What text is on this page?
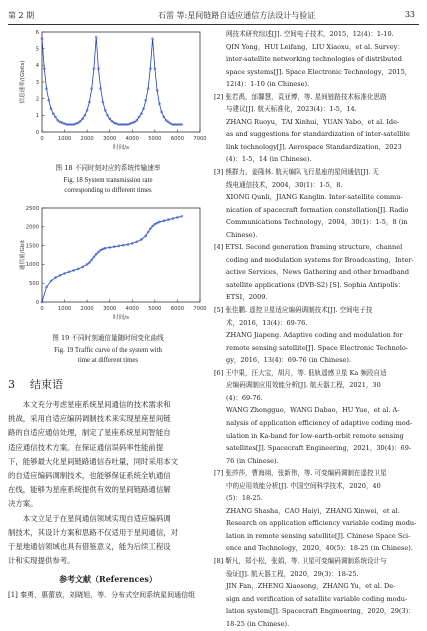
第 2 期	石雷 等:星间链路自适应通信方法设计与验证	33
0	1000 2000 3000 4000 5000 6000 7000
0
1
2
3
4
5
6
时间/s
信息速率/(Gbits)
图 18 不同时刻对应的系统传输速率
Fig. 18 System transmission rate
corresponding to different times
0	1000 2000 3000 4000 5000 6000 7000
0
500
1000
1500
2000
2500
时间/s
通信量/Gbit
图 19 不同时刻通信量随时间变化曲线
Fig. 19 Traffic curve of the system with
time at different times
3 结束语
本文充分考虑星座系统星间通信的技术需求和
挑战，采用自适应编码调制技术来实现星座星间链
路的自适应通信处理，制定了星座系统星间智能自
适应通信技术方案。在保证通信误码率性能前提
下，能够最大化星间链路通信吞吐量，同时采用本文
的自适应编码调制技术，也能够保证系统全轨通信
在线，能够为星座系统提供有效的星间链路通信解
决方案。
本文立足于在星间通信领域实现自适应编码调
制技术，其设计方案和思路不仅适用于星间通信，对
于星地通信领域也具有借鉴意义，能为后续工程设
计和实现提供参考。
参考文献（References）
[1] 秦勇，惠蕾放，刘晓旭，等．分布式空间系统星间通信组
网技术研究综述[J]. 空间电子技术，2015，12(4)：1-10.
QIN Yong，HUI Leifang，LIU Xiaoxu，et al. Survey：
inter-satellite networking technologies of distributed
space systems[J]. Space Electronic Technology，2015，
12(4)：1-10 (in Chinese).
[2] 张若禹，邰馨慧，袁亚博，等. 星间链路技术标准化思路
与建议[J]. 航天标准化，2023(4)：1-5，14.
ZHANG Ruoyu，TAI Xinhui，YUAN Yabo，et al. Ide-
as and suggestions for standardization of inter-satellite
link technology[J]. Aerospace Standardization，2023
(4)：1-5，14 (in Chinese).
[3] 熊群力，姜隆林. 航天编队飞行星座的星间通信[J]. 无
线电通信技术，2004，30(1)：1-5，8.
XIONG Qunli，JIANG Kanglin. Inter-satellite commu-
nication of spacecraft formation constellation[J]. Radio
Communications Technology，2004，30(1)：1-5，8 (in
Chinese).
[4] ETSI. Second generation framing structure，channel
coding and modulation systems for Broadcasting，Inter-
active Services，News Gathering and other broadband
satellite applications (DVB-S2) [S]. Sophia Antipolis：
ETSI，2009.
[5] 张佳鹏. 遥控卫星适应编码调制技术[J]. 空间电子技
术，2016，13(4)：69-76.
ZHANG Jiapeng. Adaptive coding and modulation for
remote sensing satellite[J]. Space Electronic Technolo-
gy，2016，13(4)：69-76 (in Chinese).
[6] 王中果，汪大宝，胡月，等. 低轨遥感卫星 Ka 频段自适
应编码调制应用效能分析[J]. 航天器工程，2021，30
(4)：69-76.
WANG Zhongguo，WANG Dabao，HU Yue，et al. A-
nalysis of application efficiency of adaptive coding mod-
ulation in Ka-band for low-earth-orbit remote sensing
satellites[J]. Spacecraft Engineering，2021，30(4)：69-
76 (in Chinese).
[7] 张莎莎，曹海翊，张新伟，等. 可变编码调制在遥控卫星
中的应用效能分析[J]. 中国空间科学技术，2020，40
(5)：18-25.
ZHANG Shasha，CAO Haiyi，ZHANG Xinwei，et al.
Research on application efficiency variable coding modu-
lation in remote sensing satellite[J]. Chinese Space Sci-
ence and Technology，2020，40(5)：18-25 (in Chinese).
[8] 靳凡，郑小松，张娟，等. 卫星可变编码调制系统设计与
验证[J]. 航天器工程，2020，29(3)：18-25.
JIN Fan，ZHENG Xiaosong，ZHANG Yu，et al. De-
sign and verification of satellite variable coding modu-
lation system[J]. Spacecraft Engineering，2020，29(3)：
18-25 (in Chinese).
